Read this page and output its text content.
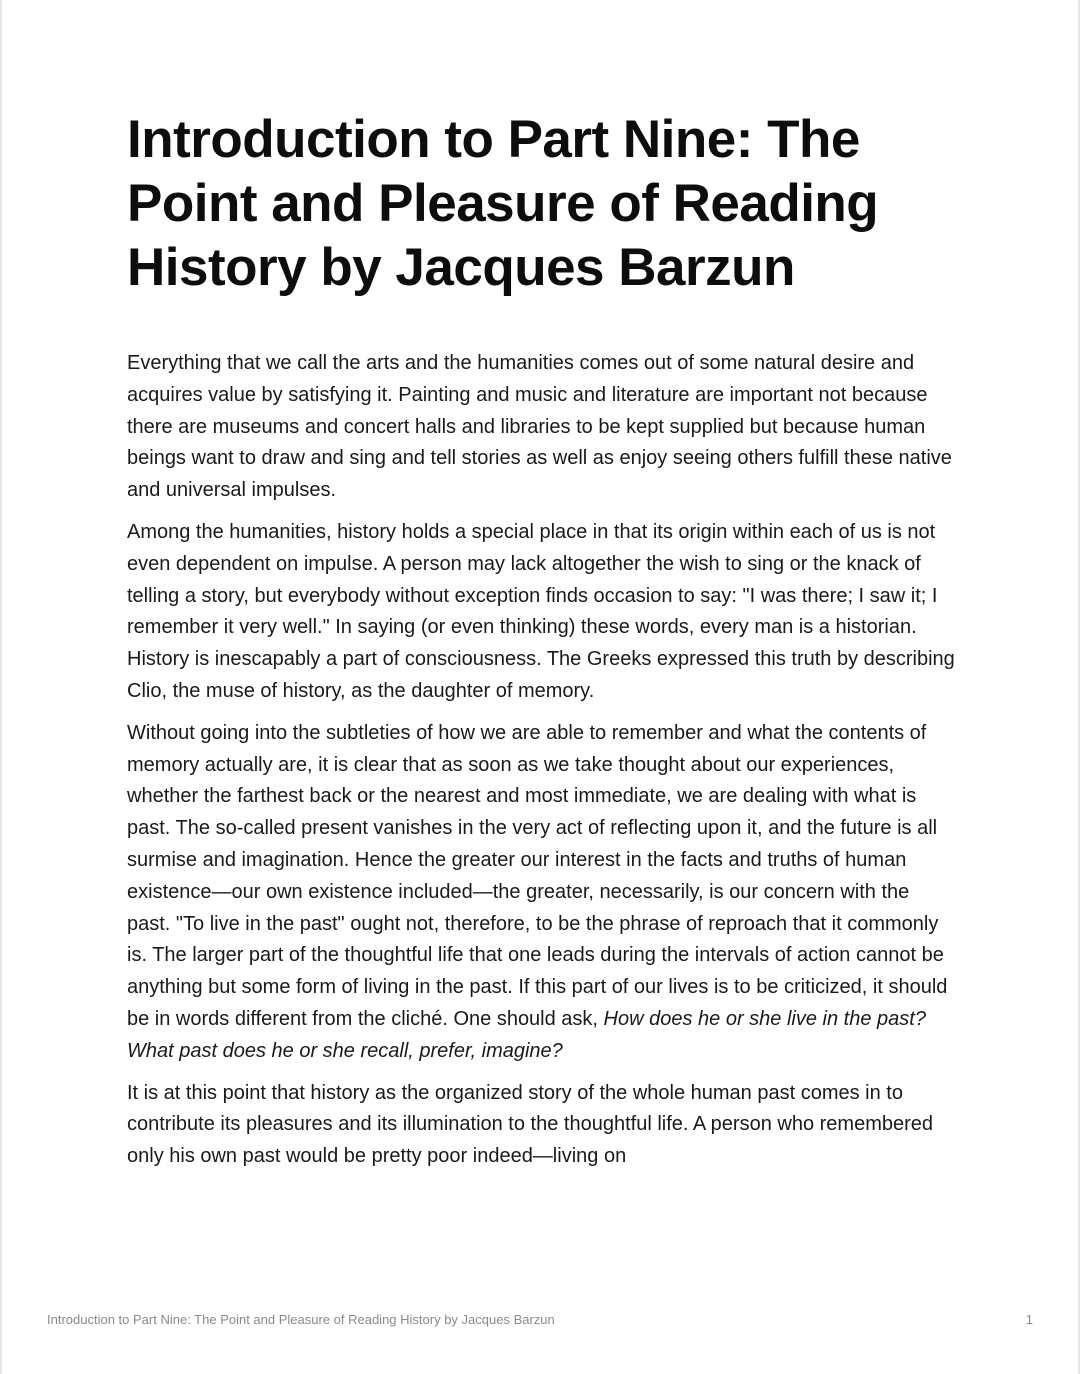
Introduction to Part Nine: The Point and Pleasure of Reading History by Jacques Barzun

Everything that we call the arts and the humanities comes out of some natural desire and acquires value by satisfying it. Painting and music and literature are important not because there are museums and concert halls and libraries to be kept supplied but because human beings want to draw and sing and tell stories as well as enjoy seeing others fulfill these native and universal impulses.

Among the humanities, history holds a special place in that its origin within each of us is not even dependent on impulse. A person may lack altogether the wish to sing or the knack of telling a story, but everybody without exception finds occasion to say: "I was there; I saw it; I remember it very well." In saying (or even thinking) these words, every man is a historian. History is inescapably a part of consciousness. The Greeks expressed this truth by describing Clio, the muse of history, as the daughter of memory.

Without going into the subtleties of how we are able to remember and what the contents of memory actually are, it is clear that as soon as we take thought about our experiences, whether the farthest back or the nearest and most immediate, we are dealing with what is past. The so-called present vanishes in the very act of reflecting upon it, and the future is all surmise and imagination. Hence the greater our interest in the facts and truths of human existence—our own existence included—the greater, necessarily, is our concern with the past. "To live in the past" ought not, therefore, to be the phrase of reproach that it commonly is. The larger part of the thoughtful life that one leads during the intervals of action cannot be anything but some form of living in the past. If this part of our lives is to be criticized, it should be in words different from the cliché. One should ask, How does he or she live in the past? What past does he or she recall, prefer, imagine?

It is at this point that history as the organized story of the whole human past comes in to contribute its pleasures and its illumination to the thoughtful life. A person who remembered only his own past would be pretty poor indeed—living on

Introduction to Part Nine: The Point and Pleasure of Reading History by Jacques Barzun	1
